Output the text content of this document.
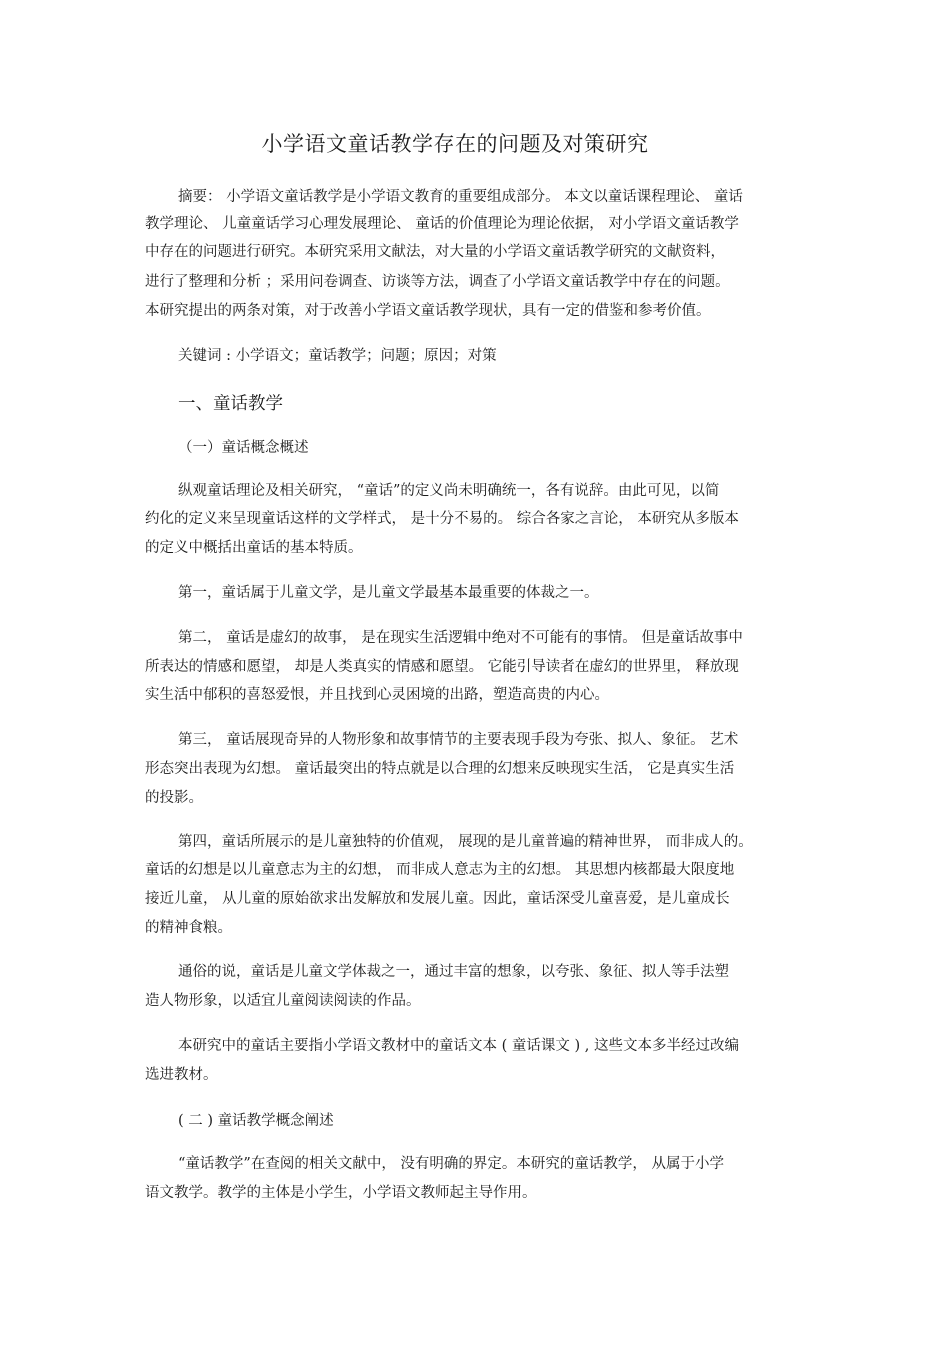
小学语文童话教学存在的问题及对策研究
摘要： 小学语文童话教学是小学语文教育的重要组成部分。 本文以童话课程理论、 童话
教学理论、 儿童童话学习心理发展理论、 童话的价值理论为理论依据， 对小学语文童话教学
中存在的问题进行研究。本研究采用文献法，对大量的小学语文童话教学研究的文献资料，
进行了整理和分析 ；采用问卷调查、访谈等方法，调查了小学语文童话教学中存在的问题。
本研究提出的两条对策，对于改善小学语文童话教学现状，具有一定的借鉴和参考价值。
关键词 : 小学语文；童话教学；问题；原因；对策
一、童话教学
（一）童话概念概述
纵观童话理论及相关研究， “童话”的定义尚未明确统一，各有说辞。由此可见，以简
约化的定义来呈现童话这样的文学样式， 是十分不易的。 综合各家之言论， 本研究从多版本
的定义中概括出童话的基本特质。
第一，童话属于儿童文学，是儿童文学最基本最重要的体裁之一。
第二， 童话是虚幻的故事， 是在现实生活逻辑中绝对不可能有的事情。 但是童话故事中
所表达的情感和愿望， 却是人类真实的情感和愿望。 它能引导读者在虚幻的世界里， 释放现
实生活中郁积的喜怒爱恨，并且找到心灵困境的出路，塑造高贵的内心。
第三， 童话展现奇异的人物形象和故事情节的主要表现手段为夸张、拟人、象征。 艺术
形态突出表现为幻想。 童话最突出的特点就是以合理的幻想来反映现实生活， 它是真实生活
的投影。
第四，童话所展示的是儿童独特的价值观， 展现的是儿童普遍的精神世界， 而非成人的。
童话的幻想是以儿童意志为主的幻想， 而非成人意志为主的幻想。 其思想内核都最大限度地
接近儿童， 从儿童的原始欲求出发解放和发展儿童。因此，童话深受儿童喜爱，是儿童成长
的精神食粮。
通俗的说，童话是儿童文学体裁之一，通过丰富的想象，以夸张、象征、拟人等手法塑
造人物形象，以适宜儿童阅读阅读的作品。
本研究中的童话主要指小学语文教材中的童话文本 ( 童话课文 ) , 这些文本多半经过改编
选进教材。
( 二 ) 童话教学概念阐述
“童话教学”在查阅的相关文献中， 没有明确的界定。本研究的童话教学， 从属于小学
语文教学。教学的主体是小学生，小学语文教师起主导作用。
